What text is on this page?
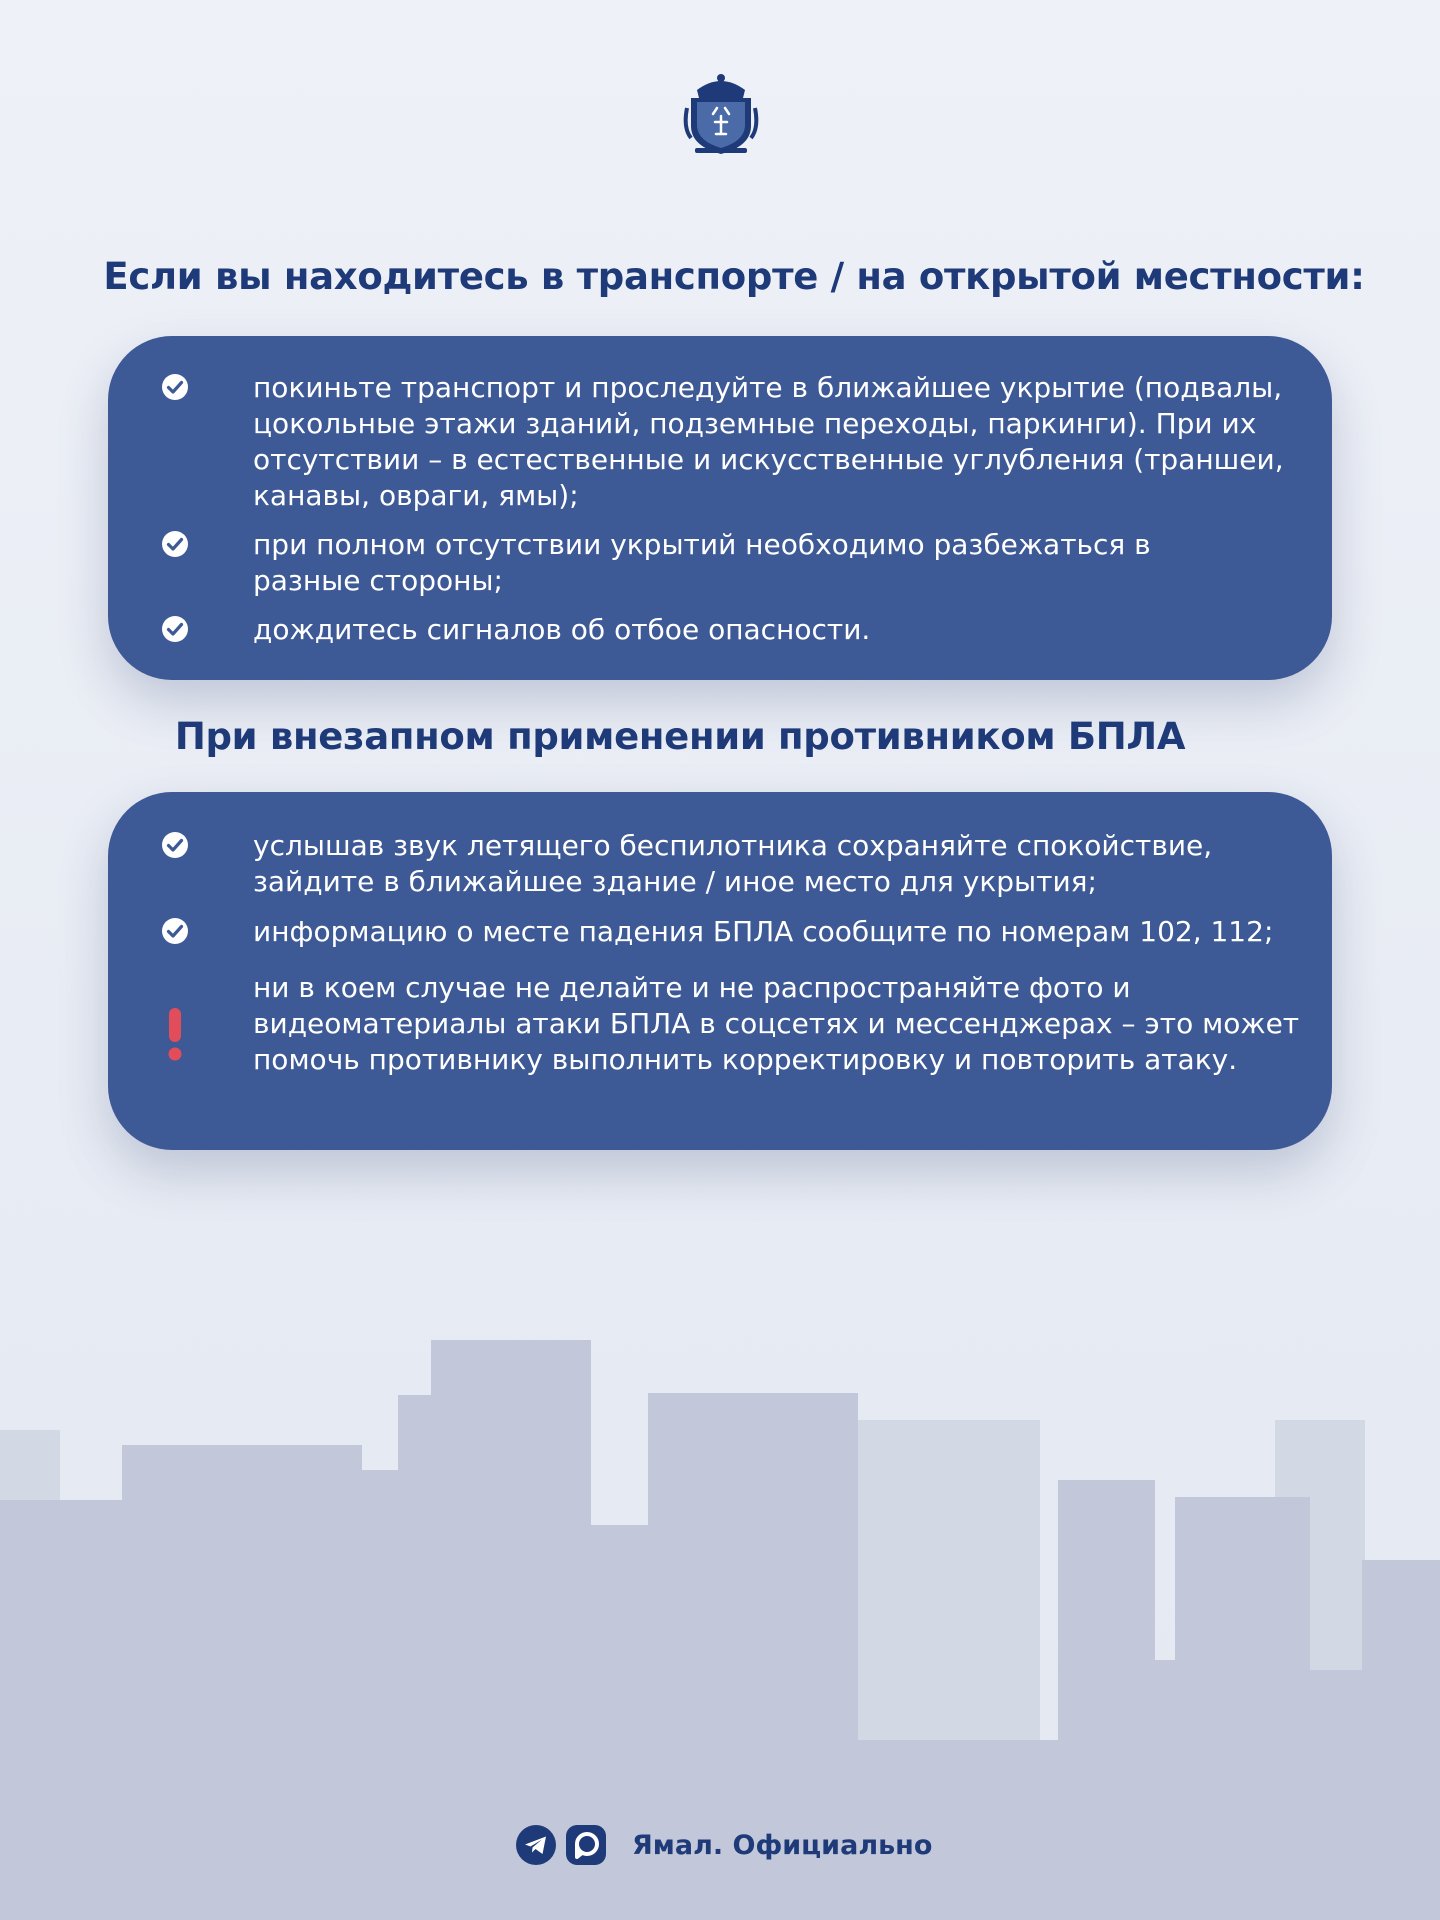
Если вы находитесь в транспорте / на открытой местности:

покиньте транспорт и проследуйте в ближайшее укрытие (подвалы, цокольные этажи зданий, подземные переходы, паркинги). При их отсутствии – в естественные и искусственные углубления (траншеи, канавы, овраги, ямы);

при полном отсутствии укрытий необходимо разбежаться в разные стороны;

дождитесь сигналов об отбое опасности.

При внезапном применении противником БПЛА

услышав звук летящего беспилотника сохраняйте спокойствие, зайдите в ближайшее здание / иное место для укрытия;

информацию о месте падения БПЛА сообщите по номерам 102, 112;

ни в коем случае не делайте и не распространяйте фото и видеоматериалы атаки БПЛА в соцсетях и мессенджерах – это может помочь противнику выполнить корректировку и повторить атаку.

Ямал. Официально
